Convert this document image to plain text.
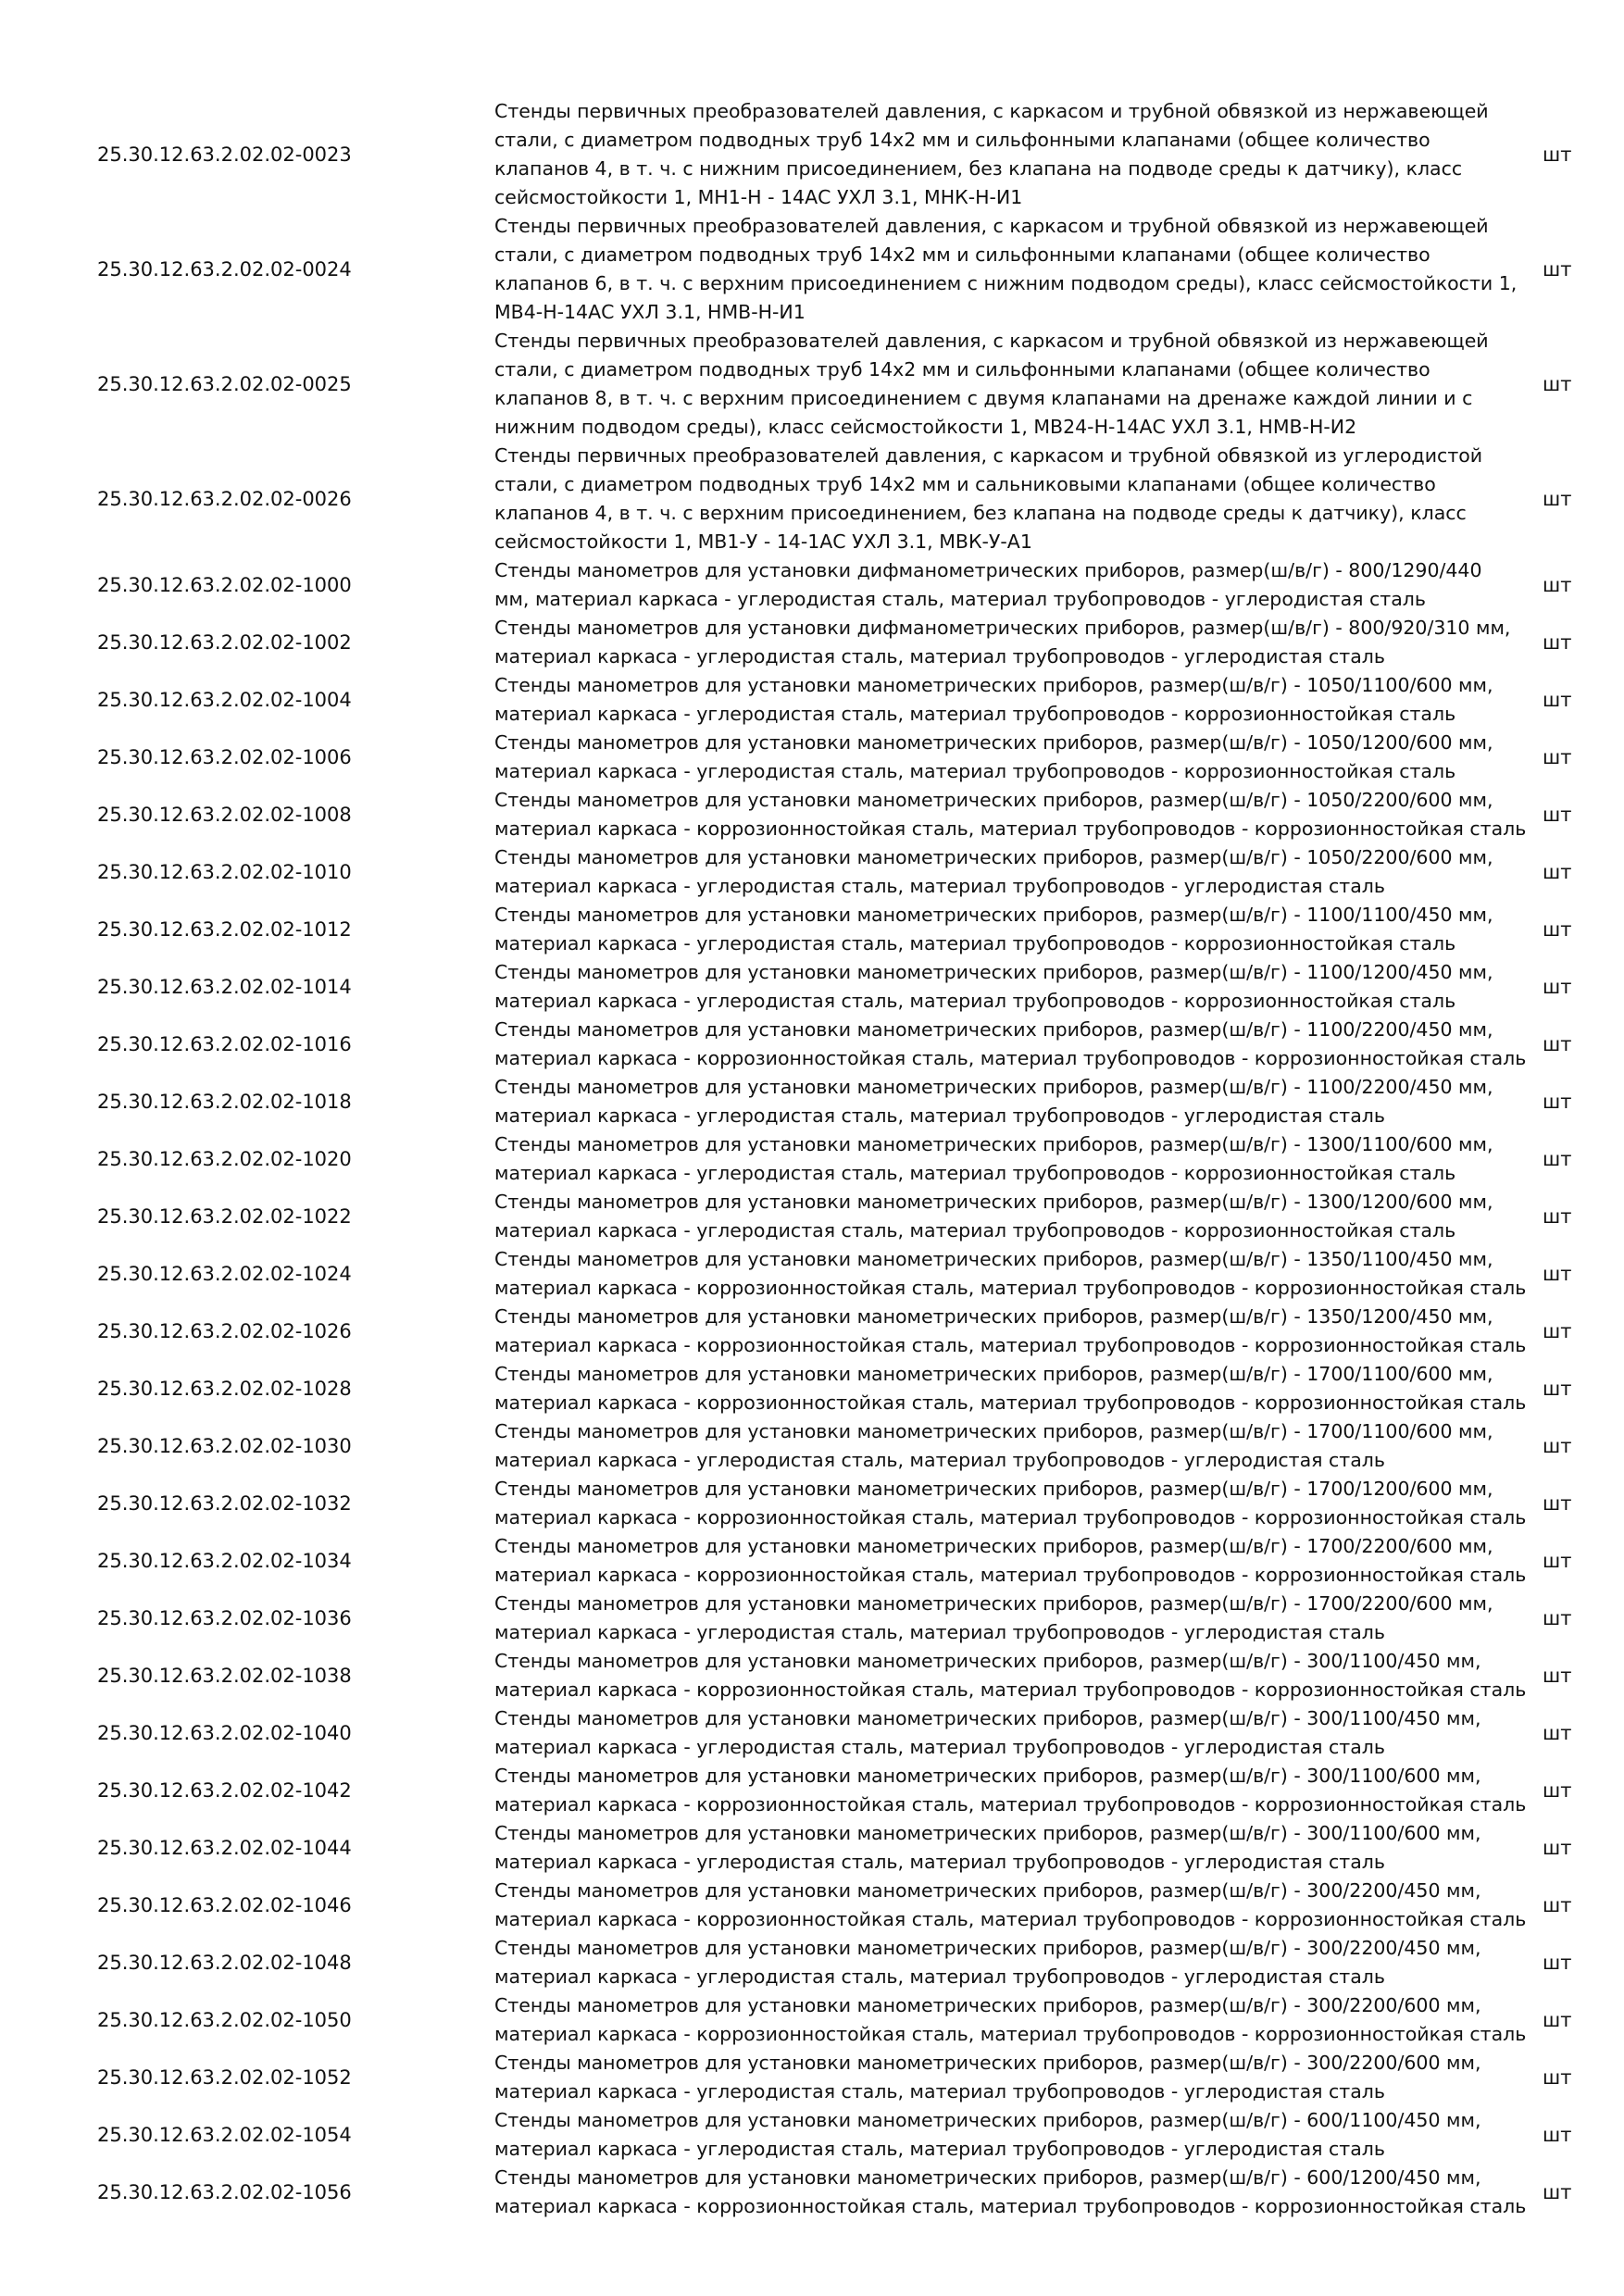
25.30.12.63.2.02.02-0023
Стенды первичных преобразователей давления, с каркасом и трубной обвязкой из нержавеющей
стали, с диаметром подводных труб 14х2 мм и сильфонными клапанами (общее количество
клапанов 4, в т. ч. с нижним присоединением, без клапана на подводе среды к датчику), класс
сейсмостойкости 1, МН1-Н - 14АС УХЛ 3.1, МНК-Н-И1
шт
25.30.12.63.2.02.02-0024
Стенды первичных преобразователей давления, с каркасом и трубной обвязкой из нержавеющей
стали, с диаметром подводных труб 14х2 мм и сильфонными клапанами (общее количество
клапанов 6, в т. ч. с верхним присоединением с нижним подводом среды), класс сейсмостойкости 1,
МВ4-Н-14АС УХЛ 3.1, НМВ-Н-И1
шт
25.30.12.63.2.02.02-0025
Стенды первичных преобразователей давления, с каркасом и трубной обвязкой из нержавеющей
стали, с диаметром подводных труб 14х2 мм и сильфонными клапанами (общее количество
клапанов 8, в т. ч. с верхним присоединением с двумя клапанами на дренаже каждой линии и с
нижним подводом среды), класс сейсмостойкости 1, МВ24-Н-14АС УХЛ 3.1, НМВ-Н-И2
шт
25.30.12.63.2.02.02-0026
Стенды первичных преобразователей давления, с каркасом и трубной обвязкой из углеродистой
стали, с диаметром подводных труб 14х2 мм и сальниковыми клапанами (общее количество
клапанов 4, в т. ч. с верхним присоединением, без клапана на подводе среды к датчику), класс
сейсмостойкости 1, МВ1-У - 14-1АС УХЛ 3.1, МВК-У-А1
шт
25.30.12.63.2.02.02-1000
Стенды манометров для установки дифманометрических приборов, размер(ш/в/г) - 800/1290/440
мм, материал каркаса - углеродистая сталь, материал трубопроводов - углеродистая сталь
шт
25.30.12.63.2.02.02-1002
Стенды манометров для установки дифманометрических приборов, размер(ш/в/г) - 800/920/310 мм,
материал каркаса - углеродистая сталь, материал трубопроводов - углеродистая сталь
шт
25.30.12.63.2.02.02-1004
Стенды манометров для установки манометрических приборов, размер(ш/в/г) - 1050/1100/600 мм,
материал каркаса - углеродистая сталь, материал трубопроводов - коррозионностойкая сталь
шт
25.30.12.63.2.02.02-1006
Стенды манометров для установки манометрических приборов, размер(ш/в/г) - 1050/1200/600 мм,
материал каркаса - углеродистая сталь, материал трубопроводов - коррозионностойкая сталь
шт
25.30.12.63.2.02.02-1008
Стенды манометров для установки манометрических приборов, размер(ш/в/г) - 1050/2200/600 мм,
материал каркаса - коррозионностойкая сталь, материал трубопроводов - коррозионностойкая сталь
шт
25.30.12.63.2.02.02-1010
Стенды манометров для установки манометрических приборов, размер(ш/в/г) - 1050/2200/600 мм,
материал каркаса - углеродистая сталь, материал трубопроводов - углеродистая сталь
шт
25.30.12.63.2.02.02-1012
Стенды манометров для установки манометрических приборов, размер(ш/в/г) - 1100/1100/450 мм,
материал каркаса - углеродистая сталь, материал трубопроводов - коррозионностойкая сталь
шт
25.30.12.63.2.02.02-1014
Стенды манометров для установки манометрических приборов, размер(ш/в/г) - 1100/1200/450 мм,
материал каркаса - углеродистая сталь, материал трубопроводов - коррозионностойкая сталь
шт
25.30.12.63.2.02.02-1016
Стенды манометров для установки манометрических приборов, размер(ш/в/г) - 1100/2200/450 мм,
материал каркаса - коррозионностойкая сталь, материал трубопроводов - коррозионностойкая сталь
шт
25.30.12.63.2.02.02-1018
Стенды манометров для установки манометрических приборов, размер(ш/в/г) - 1100/2200/450 мм,
материал каркаса - углеродистая сталь, материал трубопроводов - углеродистая сталь
шт
25.30.12.63.2.02.02-1020
Стенды манометров для установки манометрических приборов, размер(ш/в/г) - 1300/1100/600 мм,
материал каркаса - углеродистая сталь, материал трубопроводов - коррозионностойкая сталь
шт
25.30.12.63.2.02.02-1022
Стенды манометров для установки манометрических приборов, размер(ш/в/г) - 1300/1200/600 мм,
материал каркаса - углеродистая сталь, материал трубопроводов - коррозионностойкая сталь
шт
25.30.12.63.2.02.02-1024
Стенды манометров для установки манометрических приборов, размер(ш/в/г) - 1350/1100/450 мм,
материал каркаса - коррозионностойкая сталь, материал трубопроводов - коррозионностойкая сталь
шт
25.30.12.63.2.02.02-1026
Стенды манометров для установки манометрических приборов, размер(ш/в/г) - 1350/1200/450 мм,
материал каркаса - коррозионностойкая сталь, материал трубопроводов - коррозионностойкая сталь
шт
25.30.12.63.2.02.02-1028
Стенды манометров для установки манометрических приборов, размер(ш/в/г) - 1700/1100/600 мм,
материал каркаса - коррозионностойкая сталь, материал трубопроводов - коррозионностойкая сталь
шт
25.30.12.63.2.02.02-1030
Стенды манометров для установки манометрических приборов, размер(ш/в/г) - 1700/1100/600 мм,
материал каркаса - углеродистая сталь, материал трубопроводов - углеродистая сталь
шт
25.30.12.63.2.02.02-1032
Стенды манометров для установки манометрических приборов, размер(ш/в/г) - 1700/1200/600 мм,
материал каркаса - коррозионностойкая сталь, материал трубопроводов - коррозионностойкая сталь
шт
25.30.12.63.2.02.02-1034
Стенды манометров для установки манометрических приборов, размер(ш/в/г) - 1700/2200/600 мм,
материал каркаса - коррозионностойкая сталь, материал трубопроводов - коррозионностойкая сталь
шт
25.30.12.63.2.02.02-1036
Стенды манометров для установки манометрических приборов, размер(ш/в/г) - 1700/2200/600 мм,
материал каркаса - углеродистая сталь, материал трубопроводов - углеродистая сталь
шт
25.30.12.63.2.02.02-1038
Стенды манометров для установки манометрических приборов, размер(ш/в/г) - 300/1100/450 мм,
материал каркаса - коррозионностойкая сталь, материал трубопроводов - коррозионностойкая сталь
шт
25.30.12.63.2.02.02-1040
Стенды манометров для установки манометрических приборов, размер(ш/в/г) - 300/1100/450 мм,
материал каркаса - углеродистая сталь, материал трубопроводов - углеродистая сталь
шт
25.30.12.63.2.02.02-1042
Стенды манометров для установки манометрических приборов, размер(ш/в/г) - 300/1100/600 мм,
материал каркаса - коррозионностойкая сталь, материал трубопроводов - коррозионностойкая сталь
шт
25.30.12.63.2.02.02-1044
Стенды манометров для установки манометрических приборов, размер(ш/в/г) - 300/1100/600 мм,
материал каркаса - углеродистая сталь, материал трубопроводов - углеродистая сталь
шт
25.30.12.63.2.02.02-1046
Стенды манометров для установки манометрических приборов, размер(ш/в/г) - 300/2200/450 мм,
материал каркаса - коррозионностойкая сталь, материал трубопроводов - коррозионностойкая сталь
шт
25.30.12.63.2.02.02-1048
Стенды манометров для установки манометрических приборов, размер(ш/в/г) - 300/2200/450 мм,
материал каркаса - углеродистая сталь, материал трубопроводов - углеродистая сталь
шт
25.30.12.63.2.02.02-1050
Стенды манометров для установки манометрических приборов, размер(ш/в/г) - 300/2200/600 мм,
материал каркаса - коррозионностойкая сталь, материал трубопроводов - коррозионностойкая сталь
шт
25.30.12.63.2.02.02-1052
Стенды манометров для установки манометрических приборов, размер(ш/в/г) - 300/2200/600 мм,
материал каркаса - углеродистая сталь, материал трубопроводов - углеродистая сталь
шт
25.30.12.63.2.02.02-1054
Стенды манометров для установки манометрических приборов, размер(ш/в/г) - 600/1100/450 мм,
материал каркаса - углеродистая сталь, материал трубопроводов - углеродистая сталь
шт
25.30.12.63.2.02.02-1056
Стенды манометров для установки манометрических приборов, размер(ш/в/г) - 600/1200/450 мм,
материал каркаса - коррозионностойкая сталь, материал трубопроводов - коррозионностойкая сталь
шт
